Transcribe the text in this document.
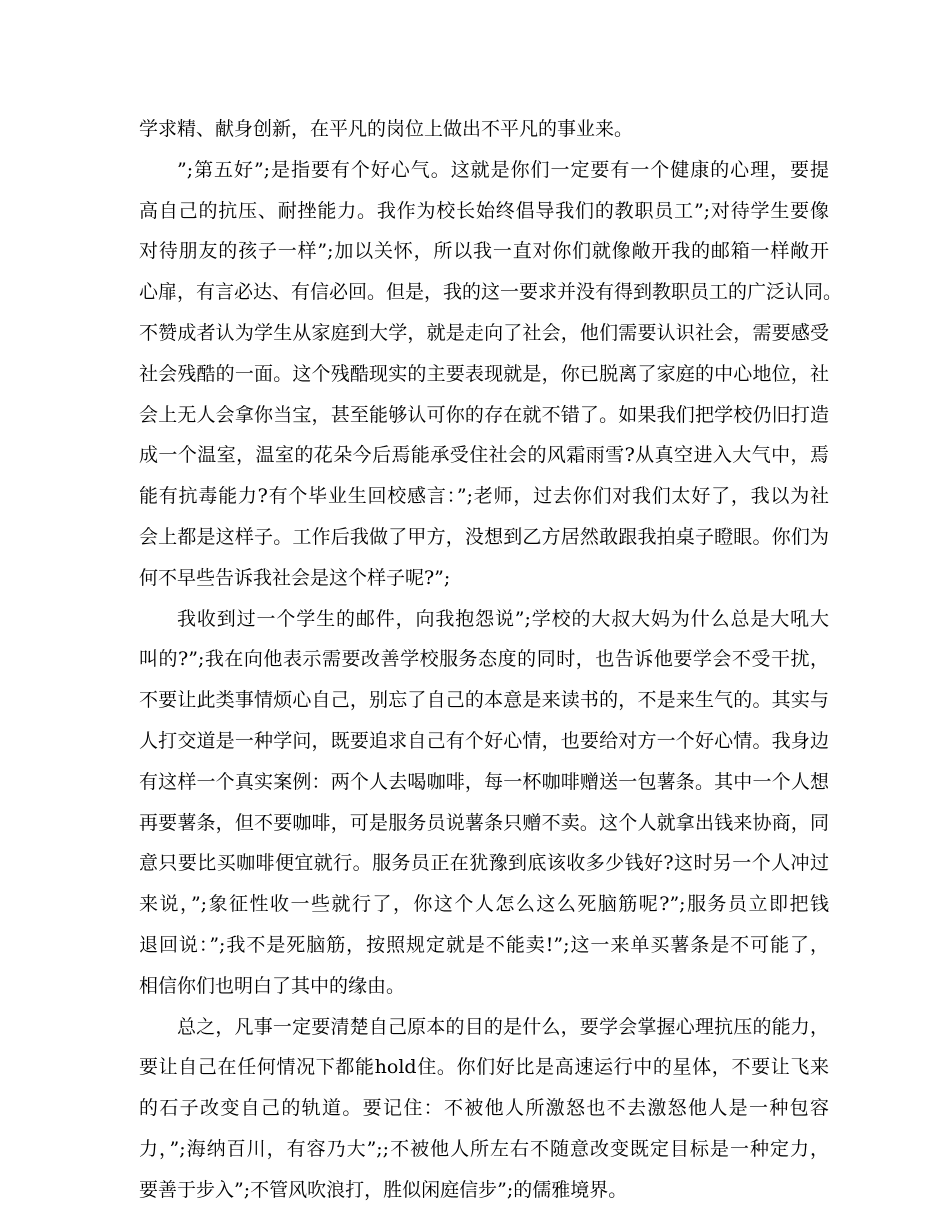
学求精、献身创新，在平凡的岗位上做出不平凡的事业来。
”;第五好”;是指要有个好心气。这就是你们一定要有一个健康的心理，要提
高自己的抗压、耐挫能力。我作为校长始终倡导我们的教职员工”;对待学生要像
对待朋友的孩子一样”;加以关怀，所以我一直对你们就像敞开我的邮箱一样敞开
心扉，有言必达、有信必回。但是，我的这一要求并没有得到教职员工的广泛认同。
不赞成者认为学生从家庭到大学，就是走向了社会，他们需要认识社会，需要感受
社会残酷的一面。这个残酷现实的主要表现就是，你已脱离了家庭的中心地位，社
会上无人会拿你当宝，甚至能够认可你的存在就不错了。如果我们把学校仍旧打造
成一个温室，温室的花朵今后焉能承受住社会的风霜雨雪?从真空进入大气中，焉
能有抗毒能力?有个毕业生回校感言：”;老师，过去你们对我们太好了，我以为社
会上都是这样子。工作后我做了甲方，没想到乙方居然敢跟我拍桌子瞪眼。你们为
何不早些告诉我社会是这个样子呢?”;
我收到过一个学生的邮件，向我抱怨说”;学校的大叔大妈为什么总是大吼大
叫的?”;我在向他表示需要改善学校服务态度的同时，也告诉他要学会不受干扰，
不要让此类事情烦心自己，别忘了自己的本意是来读书的，不是来生气的。其实与
人打交道是一种学问，既要追求自己有个好心情，也要给对方一个好心情。我身边
有这样一个真实案例：两个人去喝咖啡，每一杯咖啡赠送一包薯条。其中一个人想
再要薯条，但不要咖啡，可是服务员说薯条只赠不卖。这个人就拿出钱来协商，同
意只要比买咖啡便宜就行。服务员正在犹豫到底该收多少钱好?这时另一个人冲过
来说，”;象征性收一些就行了，你这个人怎么这么死脑筋呢?”;服务员立即把钱
退回说：”;我不是死脑筋，按照规定就是不能卖!”;这一来单买薯条是不可能了，
相信你们也明白了其中的缘由。
总之，凡事一定要清楚自己原本的目的是什么，要学会掌握心理抗压的能力，
要让自己在任何情况下都能hold住。你们好比是高速运行中的星体，不要让飞来
的石子改变自己的轨道。要记住：不被他人所激怒也不去激怒他人是一种包容
力，”;海纳百川，有容乃大”;;不被他人所左右不随意改变既定目标是一种定力，
要善于步入”;不管风吹浪打，胜似闲庭信步”;的儒雅境界。
